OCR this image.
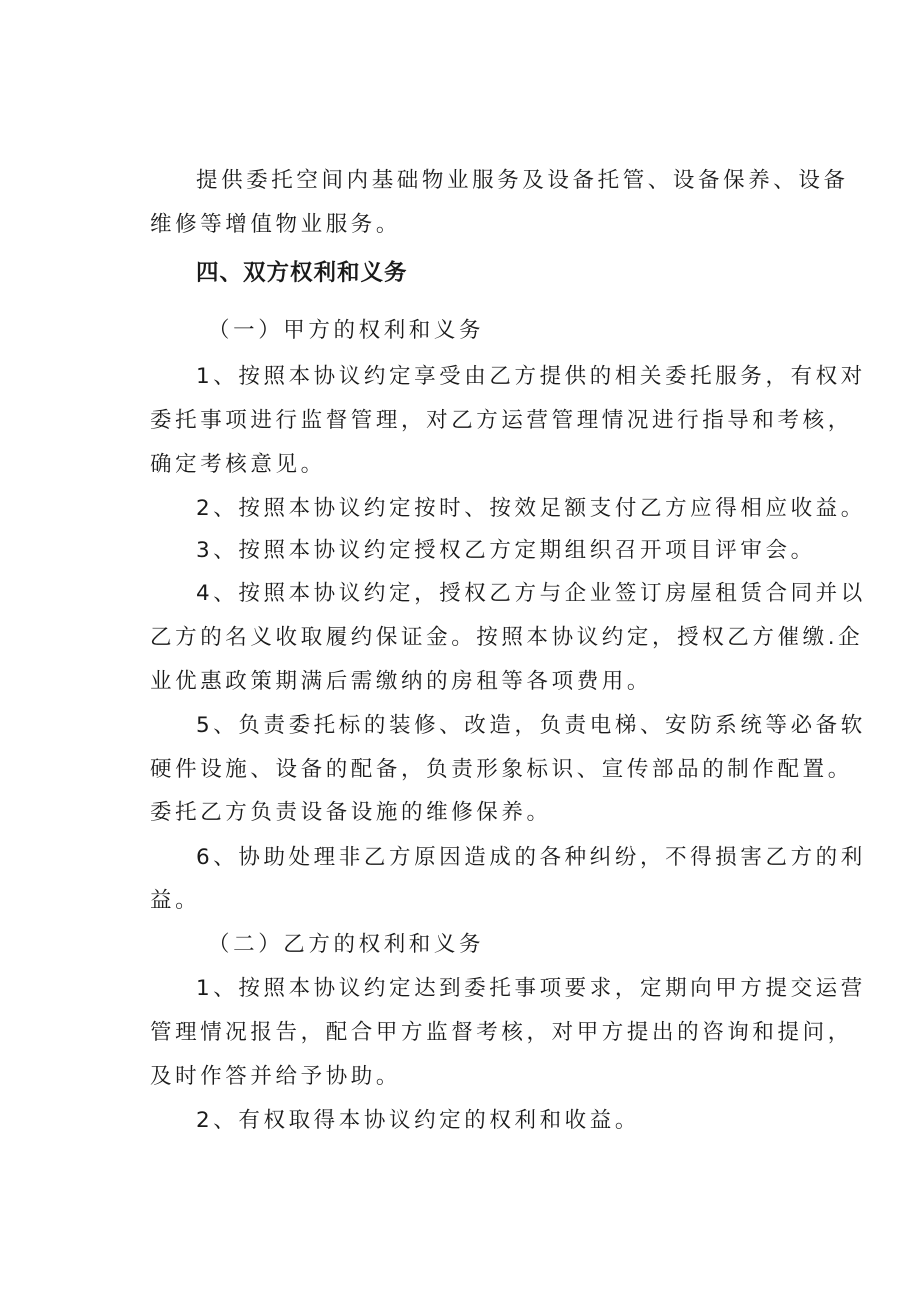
提供委托空间内基础物业服务及设备托管、设备保养、设备
维修等增值物业服务。
四、双方权利和义务
（一）甲方的权利和义务
1、按照本协议约定享受由乙方提供的相关委托服务，有权对
委托事项进行监督管理，对乙方运营管理情况进行指导和考核，
确定考核意见。
2、按照本协议约定按时、按效足额支付乙方应得相应收益。
3、按照本协议约定授权乙方定期组织召开项目评审会。
4、按照本协议约定，授权乙方与企业签订房屋租赁合同并以
乙方的名义收取履约保证金。按照本协议约定，授权乙方催缴.企
业优惠政策期满后需缴纳的房租等各项费用。
5、负责委托标的装修、改造，负责电梯、安防系统等必备软
硬件设施、设备的配备，负责形象标识、宣传部品的制作配置。
委托乙方负责设备设施的维修保养。
6、协助处理非乙方原因造成的各种纠纷，不得损害乙方的利
益。
（二）乙方的权利和义务
1、按照本协议约定达到委托事项要求，定期向甲方提交运营
管理情况报告，配合甲方监督考核，对甲方提出的咨询和提问，
及时作答并给予协助。
2、有权取得本协议约定的权利和收益。
